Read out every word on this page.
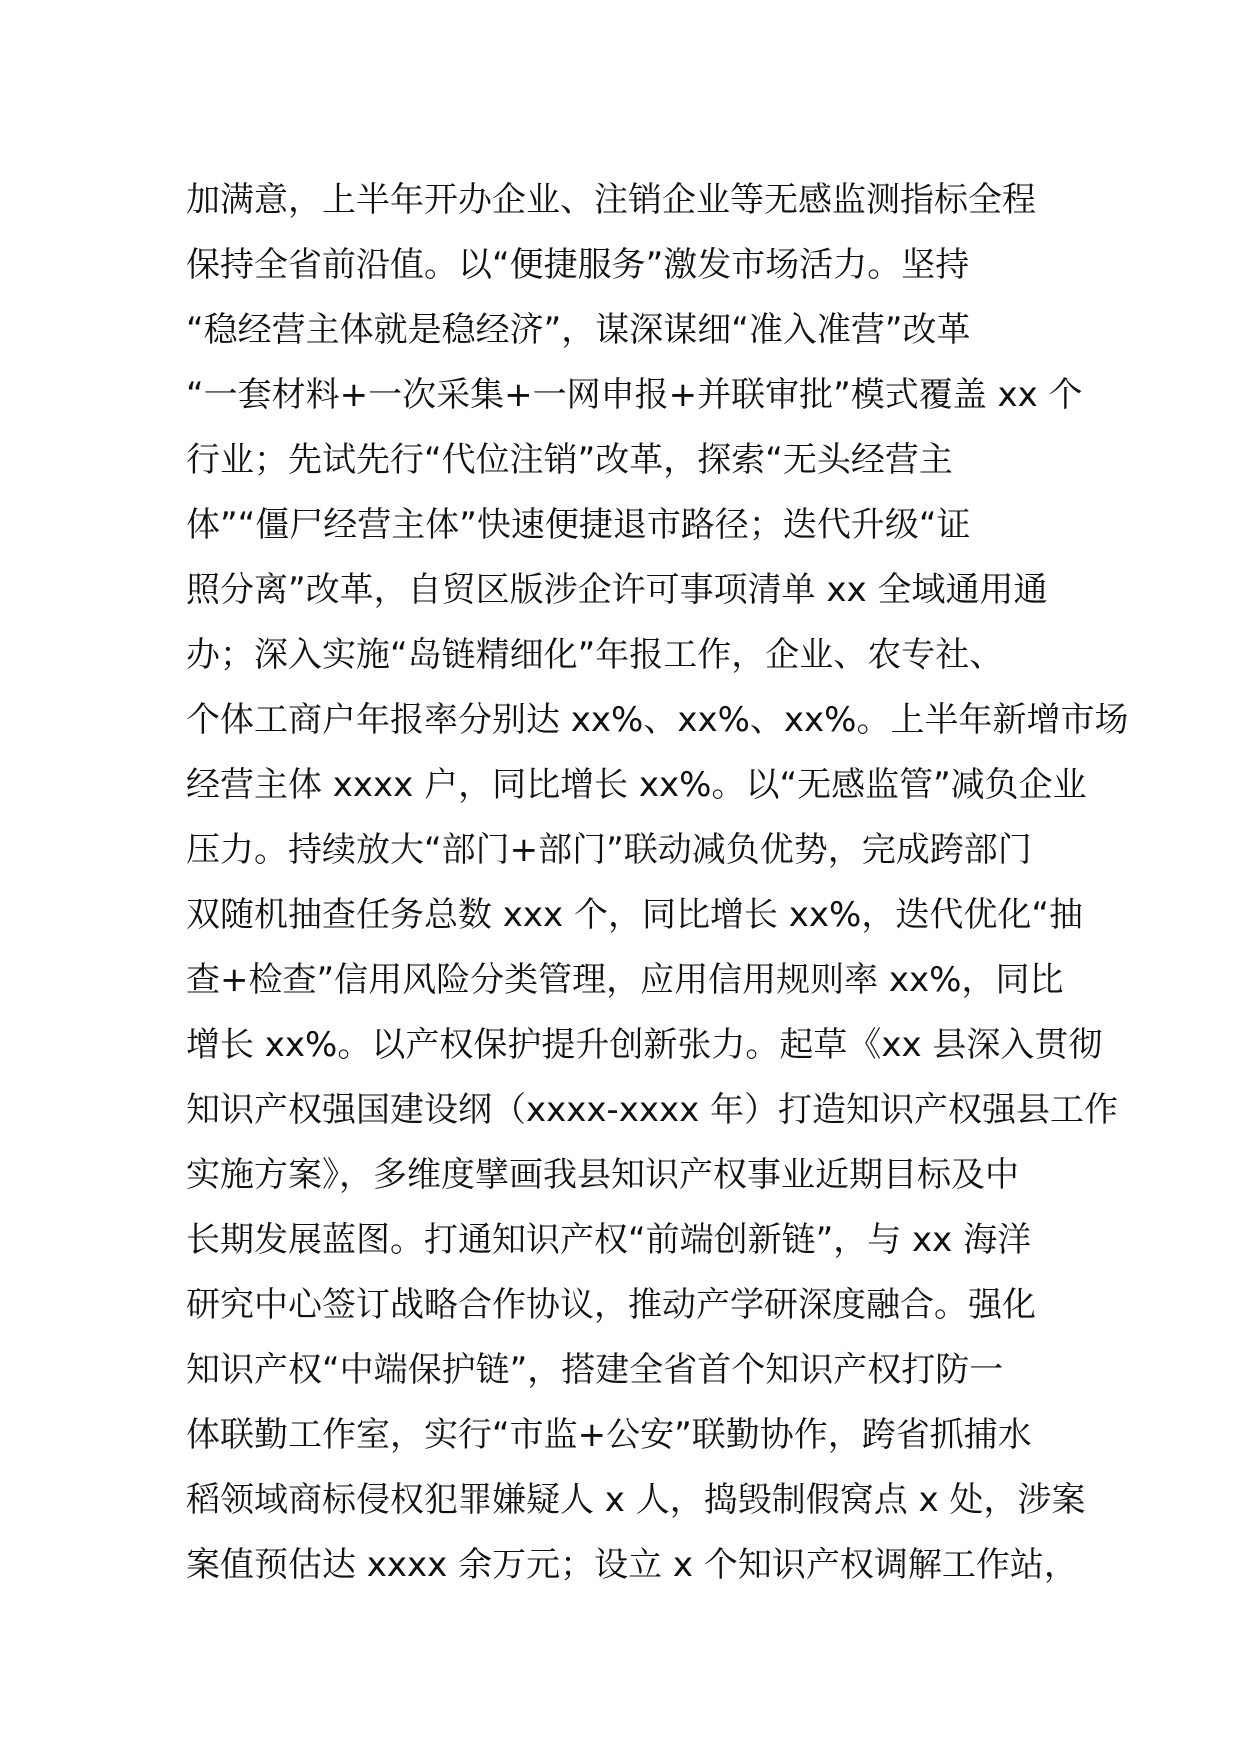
加满意，上半年开办企业、注销企业等无感监测指标全程
保持全省前沿值。以“便捷服务”激发市场活力。坚持
“稳经营主体就是稳经济”，谋深谋细“准入准营”改革
“一套材料+一次采集+一网申报+并联审批”模式覆盖 xx 个
行业；先试先行“代位注销”改革，探索“无头经营主
体”“僵尸经营主体”快速便捷退市路径；迭代升级“证
照分离”改革，自贸区版涉企许可事项清单 xx 全域通用通
办；深入实施“岛链精细化”年报工作，企业、农专社、
个体工商户年报率分别达 xx%、xx%、xx%。上半年新增市场
经营主体 xxxx 户，同比增长 xx%。以“无感监管”减负企业
压力。持续放大“部门+部门”联动减负优势，完成跨部门
双随机抽查任务总数 xxx 个，同比增长 xx%，迭代优化“抽
查+检查”信用风险分类管理，应用信用规则率 xx%，同比
增长 xx%。以产权保护提升创新张力。起草《xx 县深入贯彻
知识产权强国建设纲（xxxx-xxxx 年）打造知识产权强县工作
实施方案》，多维度擘画我县知识产权事业近期目标及中
长期发展蓝图。打通知识产权“前端创新链”，与 xx 海洋
研究中心签订战略合作协议，推动产学研深度融合。强化
知识产权“中端保护链”，搭建全省首个知识产权打防一
体联勤工作室，实行“市监+公安”联勤协作，跨省抓捕水
稻领域商标侵权犯罪嫌疑人 x 人，捣毁制假窝点 x 处，涉案
案值预估达 xxxx 余万元；设立 x 个知识产权调解工作站，
